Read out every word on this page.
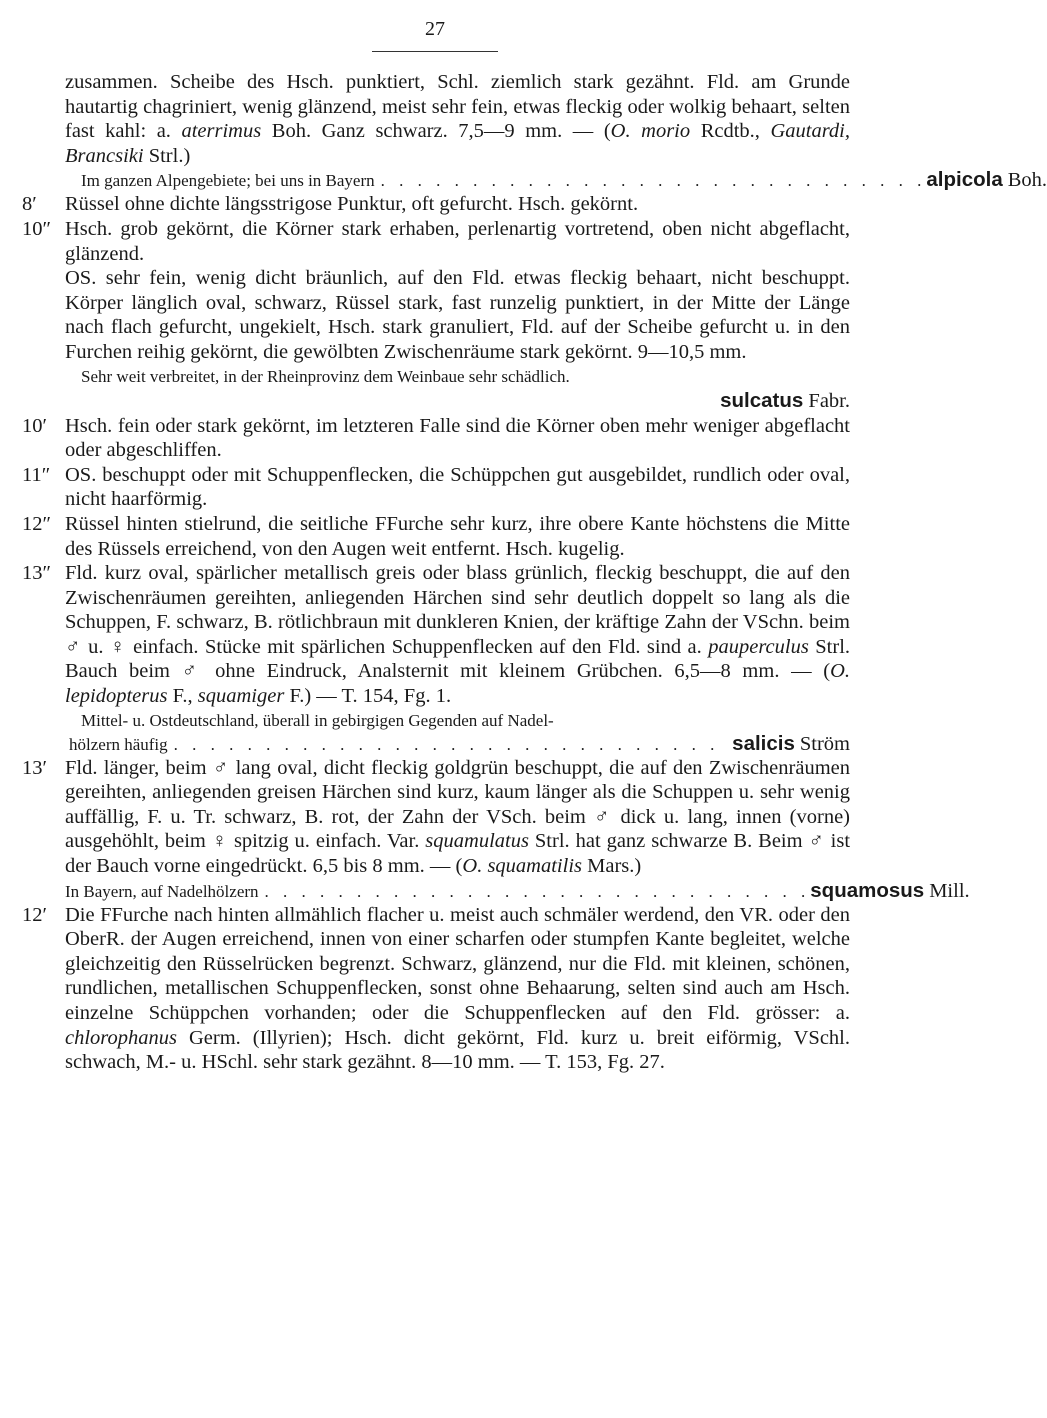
27
zusammen. Scheibe des Hsch. punktiert, Schl. ziemlich stark gezähnt. Fld. am Grunde hautartig chagriniert, wenig glänzend, meist sehr fein, etwas fleckig oder wolkig behaart, selten fast kahl: a. aterrimus Boh. Ganz schwarz. 7,5—9 mm. — (O. morio Rcdtb., Gautardi, Brancsiki Strl.)
Im ganzen Alpengebiete; bei uns in Bayern . . . . . . . . . . . . . . . . . . . . . . . . . . . . . . alpicola Boh.
8′ Rüssel ohne dichte längsstrigose Punktur, oft gefurcht. Hsch. gekörnt.
10″ Hsch. grob gekörnt, die Körner stark erhaben, perlenartig vortretend, oben nicht abgeflacht, glänzend.
OS. sehr fein, wenig dicht bräunlich, auf den Fld. etwas fleckig behaart, nicht beschuppt. Körper länglich oval, schwarz, Rüssel stark, fast runzelig punktiert, in der Mitte der Länge nach flach gefurcht, ungekielt, Hsch. stark granuliert, Fld. auf der Scheibe gefurcht u. in den Furchen reihig gekörnt, die gewölbten Zwischenräume stark gekörnt. 9—10,5 mm.
Sehr weit verbreitet, in der Rheinprovinz dem Weinbaue sehr schädlich.
sulcatus Fabr.
10′ Hsch. fein oder stark gekörnt, im letzteren Falle sind die Körner oben mehr weniger abgeflacht oder abgeschliffen.
11″ OS. beschuppt oder mit Schuppenflecken, die Schüppchen gut ausgebildet, rundlich oder oval, nicht haarförmig.
12″ Rüssel hinten stielrund, die seitliche FFurche sehr kurz, ihre obere Kante höchstens die Mitte des Rüssels erreichend, von den Augen weit entfernt. Hsch. kugelig.
13″ Fld. kurz oval, spärlicher metallisch greis oder blass grünlich, fleckig beschuppt, die auf den Zwischenräumen gereihten, anliegenden Härchen sind sehr deutlich doppelt so lang als die Schuppen, F. schwarz, B. rötlichbraun mit dunkleren Knien, der kräftige Zahn der VSchn. beim ♂ u. ♀ einfach. Stücke mit spärlichen Schuppenflecken auf den Fld. sind a. pauperculus Strl. Bauch beim ♂ ohne Eindruck, Analsternit mit kleinem Grübchen. 6,5—8 mm. — (O. lepidopterus F., squamiger F.) — T. 154, Fg. 1.
Mittel- u. Ostdeutschland, überall in gebirgigen Gegenden auf Nadel-
hölzern häufig . . . . . . . . . . . . . . . . . . . . . . . . . . . . . . salicis Ström
13′ Fld. länger, beim ♂ lang oval, dicht fleckig goldgrün beschuppt, die auf den Zwischenräumen gereihten, anliegenden greisen Härchen sind kurz, kaum länger als die Schuppen u. sehr wenig auffällig, F. u. Tr. schwarz, B. rot, der Zahn der VSch. beim ♂ dick u. lang, innen (vorne) ausgehöhlt, beim ♀ spitzig u. einfach. Var. squamulatus Strl. hat ganz schwarze B. Beim ♂ ist der Bauch vorne eingedrückt. 6,5 bis 8 mm. — (O. squamatilis Mars.)
In Bayern, auf Nadelhölzern . . . . . . . . . . . . . . . . . . . . . . . . . . . . . . squamosus Mill.
12′ Die FFurche nach hinten allmählich flacher u. meist auch schmäler werdend, den VR. oder den OberR. der Augen erreichend, innen von einer scharfen oder stumpfen Kante begleitet, welche gleichzeitig den Rüsselrücken begrenzt. Schwarz, glänzend, nur die Fld. mit kleinen, schönen, rundlichen, metallischen Schuppenflecken, sonst ohne Behaarung, selten sind auch am Hsch. einzelne Schüppchen vorhanden; oder die Schuppenflecken auf den Fld. grösser: a. chlorophanus Germ. (Illyrien); Hsch. dicht gekörnt, Fld. kurz u. breit eiförmig, VSchl. schwach, M.- u. HSchl. sehr stark gezähnt. 8—10 mm. — T. 153, Fg. 27.
